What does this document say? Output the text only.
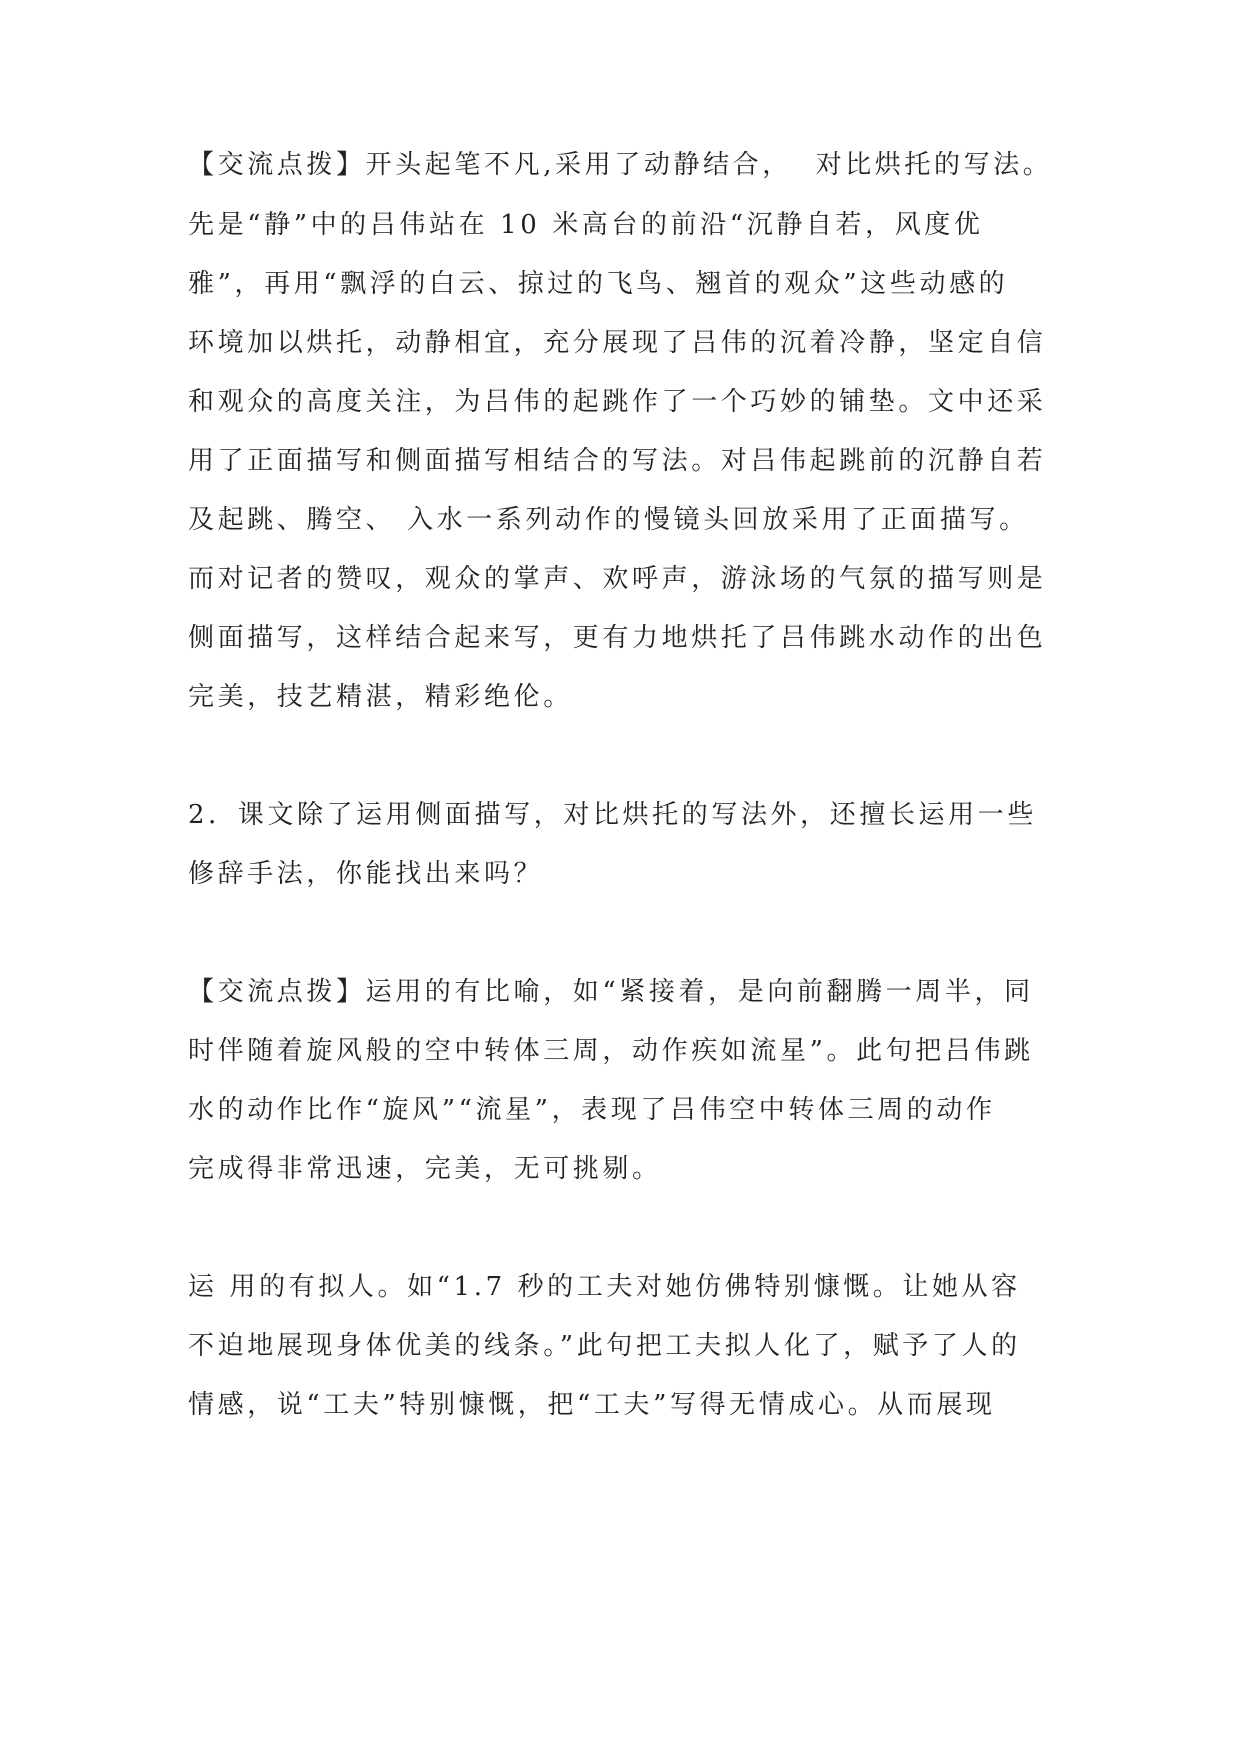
【交流点拨】开头起笔不凡,采用了动静结合，  对比烘托的写法。
先是“静”中的吕伟站在 10 米高台的前沿“沉静自若，风度优
雅”，再用“飘浮的白云、掠过的飞鸟、翘首的观众”这些动感的
环境加以烘托，动静相宜，充分展现了吕伟的沉着冷静，坚定自信
和观众的高度关注，为吕伟的起跳作了一个巧妙的铺垫。文中还采
用了正面描写和侧面描写相结合的写法。对吕伟起跳前的沉静自若
及起跳、腾空、 入水一系列动作的慢镜头回放采用了正面描写。
而对记者的赞叹，观众的掌声、欢呼声，游泳场的气氛的描写则是
侧面描写，这样结合起来写，更有力地烘托了吕伟跳水动作的出色
完美，技艺精湛，精彩绝伦。
2．课文除了运用侧面描写，对比烘托的写法外，还擅长运用一些
修辞手法，你能找出来吗？
【交流点拨】运用的有比喻，如“紧接着，是向前翻腾一周半，同
时伴随着旋风般的空中转体三周，动作疾如流星”。此句把吕伟跳
水的动作比作“旋风”“流星”，表现了吕伟空中转体三周的动作
完成得非常迅速，完美，无可挑剔。
运 用的有拟人。如“1.7 秒的工夫对她仿佛特别慷慨。让她从容
不迫地展现身体优美的线条。”此句把工夫拟人化了，赋予了人的
情感，说“工夫”特别慷慨，把“工夫”写得无情成心。从而展现
